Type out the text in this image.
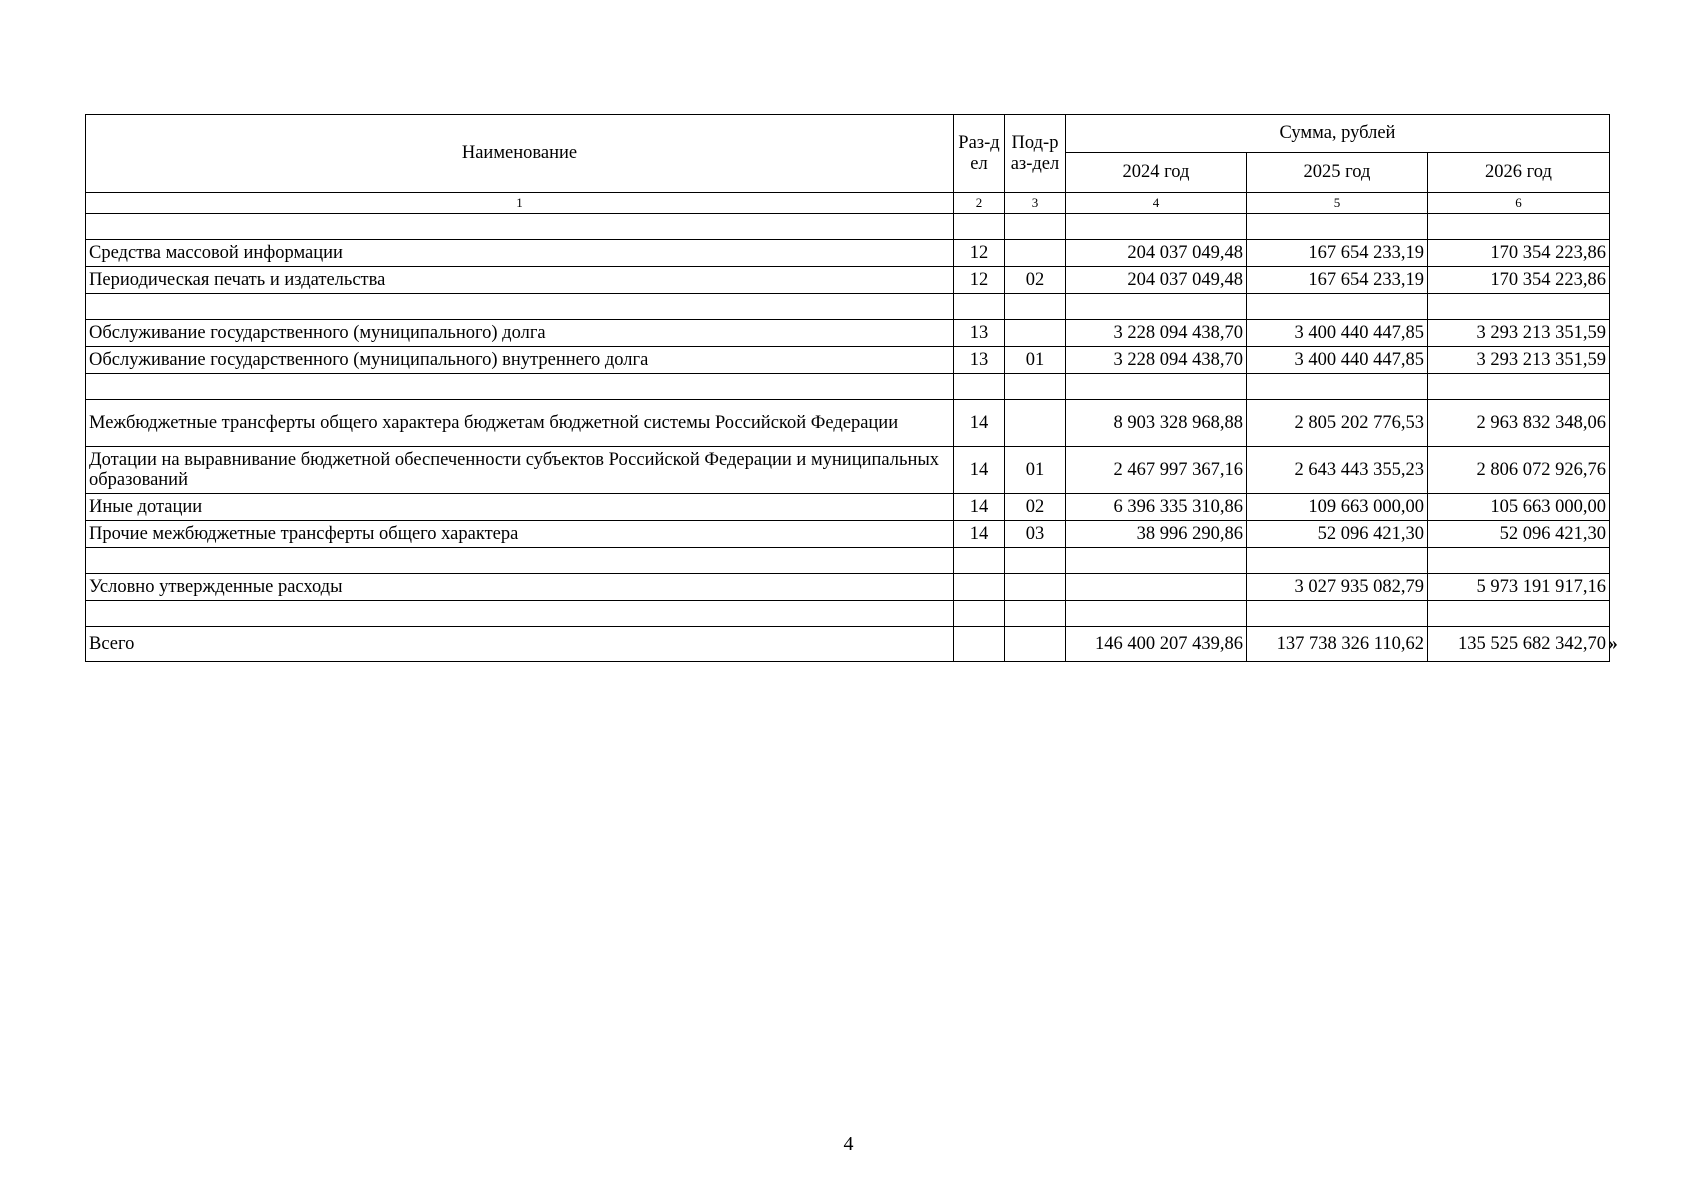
Наименование	Раз-дел	Под-раз-дел	Сумма, рублей		
			2024 год	2025 год	2026 год
1	2	3	4	5	6

Средства массовой информации	12		204 037 049,48	167 654 233,19	170 354 223,86
Периодическая печать и издательства	12	02	204 037 049,48	167 654 233,19	170 354 223,86

Обслуживание государственного (муниципального) долга	13		3 228 094 438,70	3 400 440 447,85	3 293 213 351,59
Обслуживание государственного (муниципального) внутреннего долга	13	01	3 228 094 438,70	3 400 440 447,85	3 293 213 351,59

Межбюджетные трансферты общего характера бюджетам бюджетной системы Российской Федерации	14		8 903 328 968,88	2 805 202 776,53	2 963 832 348,06
Дотации на выравнивание бюджетной обеспеченности субъектов Российской Федерации и муниципальных образований	14	01	2 467 997 367,16	2 643 443 355,23	2 806 072 926,76
Иные дотации	14	02	6 396 335 310,86	109 663 000,00	105 663 000,00
Прочие межбюджетные трансферты общего характера	14	03	38 996 290,86	52 096 421,30	52 096 421,30

Условно утвержденные расходы				3 027 935 082,79	5 973 191 917,16

Всего			146 400 207 439,86	137 738 326 110,62	135 525 682 342,70 »
4
